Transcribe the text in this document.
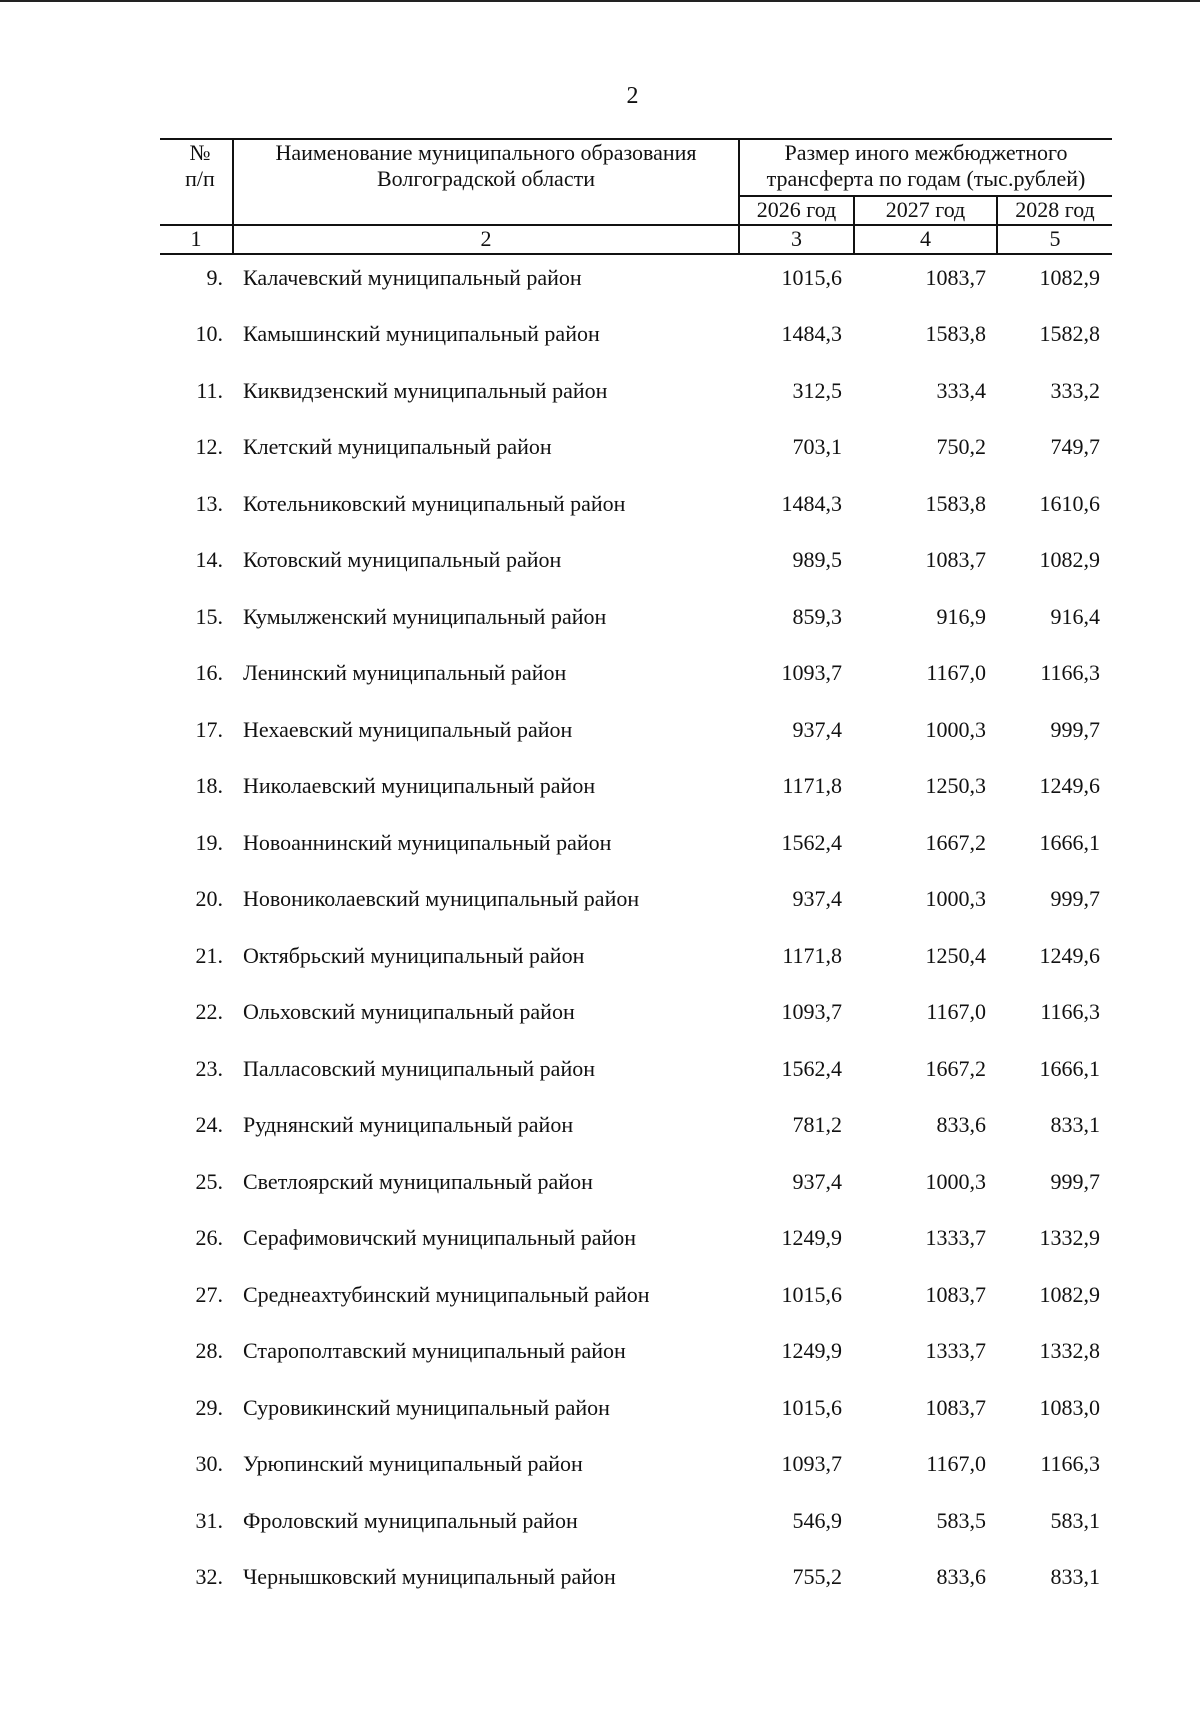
2
№
п/п
Наименование муниципального образования
Волгоградской области
Размер иного межбюджетного
трансферта по годам (тыс.рублей)
2026 год	2027 год	2028 год
1	2	3	4	5
9. Калачевский муниципальный район	1015,6	1083,7 1082,9
10. Камышинский муниципальный район	1484,3	1583,8 1582,8
11. Киквидзенский муниципальный район	312,5	333,4	333,2
12. Клетский муниципальный район	703,1	750,2	749,7
13. Котельниковский муниципальный район	1484,3	1583,8 1610,6
14. Котовский муниципальный район	989,5	1083,7 1082,9
15. Кумылженский муниципальный район	859,3	916,9	916,4
16. Ленинский муниципальный район	1093,7	1167,0 1166,3
17. Нехаевский муниципальный район	937,4	1000,3	999,7
18. Николаевский муниципальный район	1171,8	1250,3 1249,6
19. Новоаннинский муниципальный район	1562,4	1667,2 1666,1
20. Новониколаевский муниципальный район	937,4	1000,3	999,7
21. Октябрьский муниципальный район	1171,8	1250,4 1249,6
22. Ольховский муниципальный район	1093,7	1167,0 1166,3
23. Палласовский муниципальный район	1562,4	1667,2 1666,1
24. Руднянский муниципальный район	781,2	833,6	833,1
25. Светлоярский муниципальный район	937,4	1000,3	999,7
26. Серафимовичский муниципальный район	1249,9	1333,7 1332,9
27. Среднеахтубинский муниципальный район	1015,6	1083,7 1082,9
28. Старополтавский муниципальный район	1249,9	1333,7 1332,8
29. Суровикинский муниципальный район	1015,6	1083,7 1083,0
30. Урюпинский муниципальный район	1093,7	1167,0 1166,3
31. Фроловский муниципальный район	546,9	583,5	583,1
32. Чернышковский муниципальный район	755,2	833,6	833,1
